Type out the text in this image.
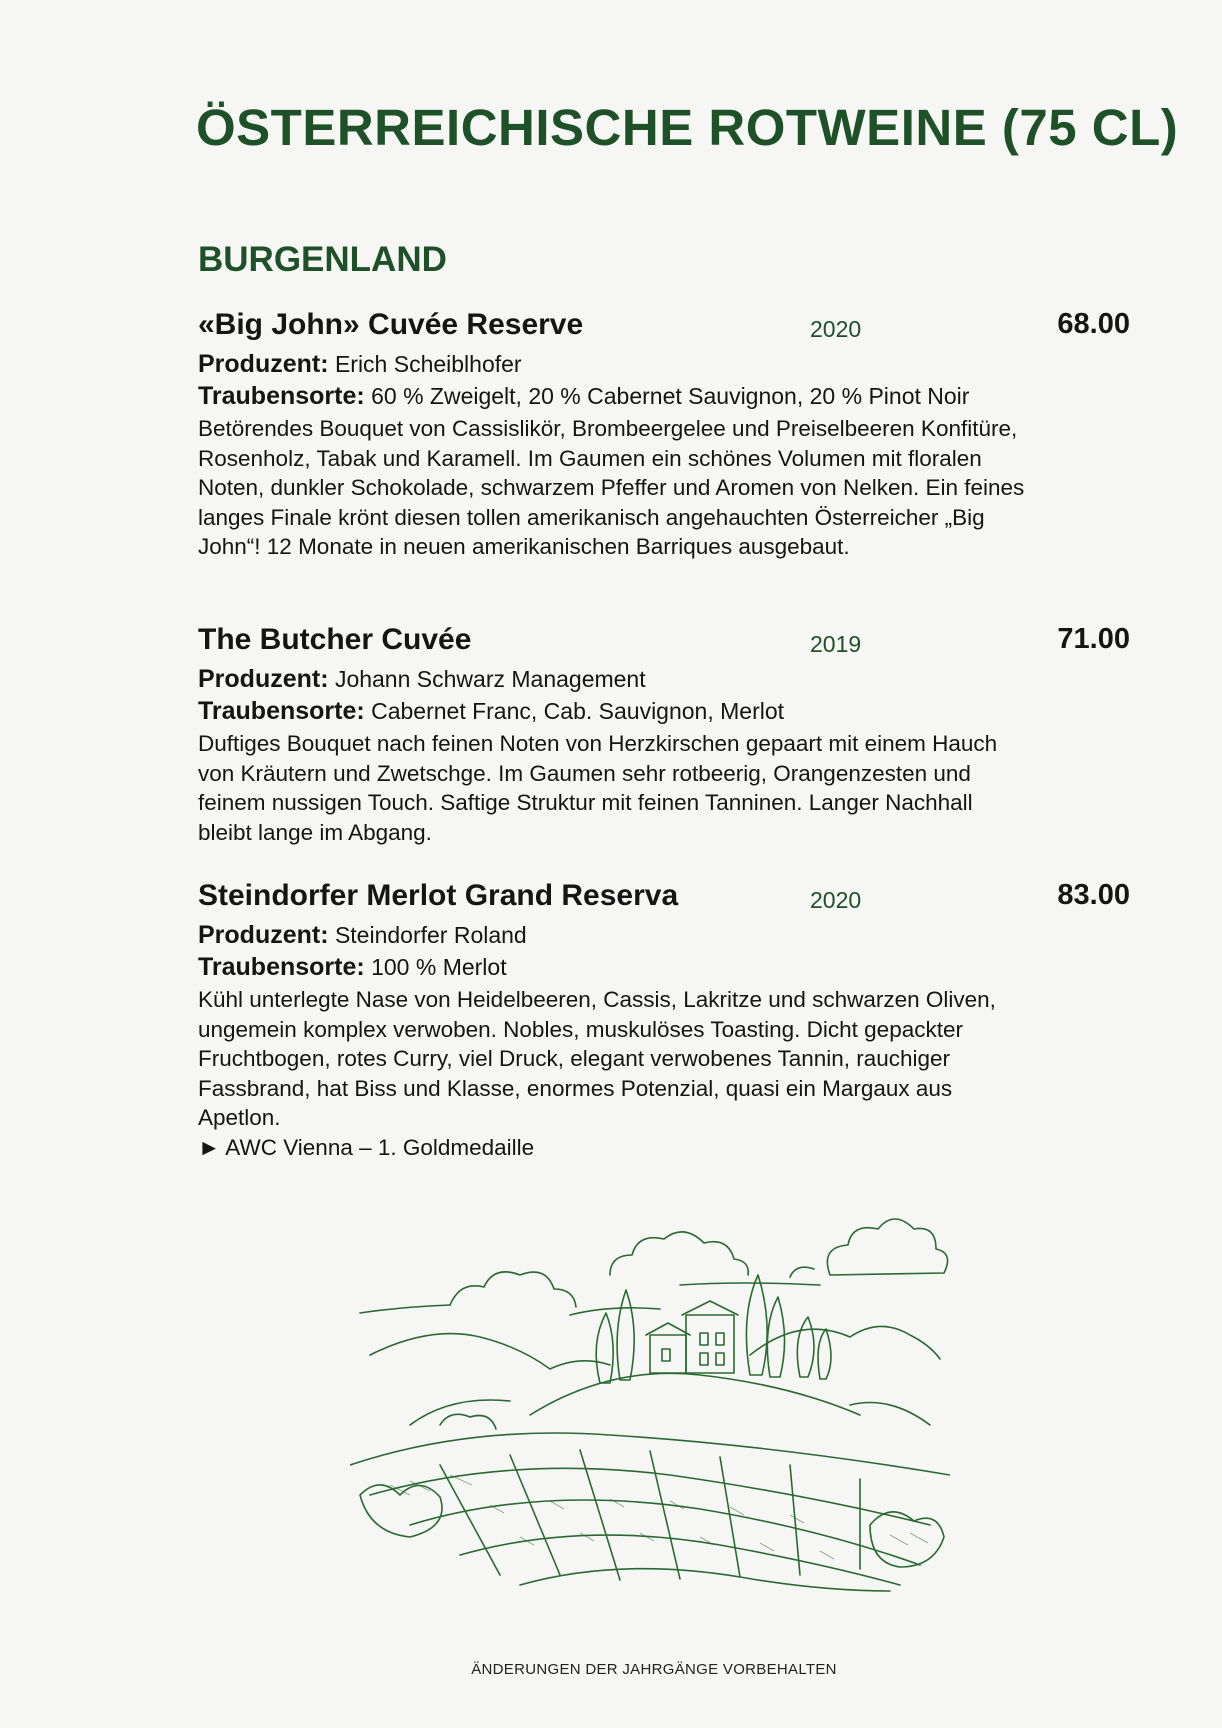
ÖSTERREICHISCHE ROTWEINE (75 CL)
BURGENLAND
«Big John» Cuvée Reserve	2020	68.00
Produzent: Erich Scheiblhofer
Traubensorte: 60 % Zweigelt, 20 % Cabernet Sauvignon, 20 % Pinot Noir

Betörendes Bouquet von Cassislikör, Brombeergelee und Preiselbeeren Konfitüre, Rosenholz, Tabak und Karamell. Im Gaumen ein schönes Volumen mit floralen Noten, dunkler Schokolade, schwarzem Pfeffer und Aromen von Nelken. Ein feines langes Finale krönt diesen tollen amerikanisch angehauchten Österreicher „Big John“! 12 Monate in neuen amerikanischen Barriques ausgebaut.

The Butcher Cuvée	2019	71.00
Produzent: Johann Schwarz Management
Traubensorte: Cabernet Franc, Cab. Sauvignon, Merlot

Duftiges Bouquet nach feinen Noten von Herzkirschen gepaart mit einem Hauch von Kräutern und Zwetschge. Im Gaumen sehr rotbeerig, Orangenzesten und feinem nussigen Touch. Saftige Struktur mit feinen Tanninen. Langer Nachhall bleibt lange im Abgang.

Steindorfer Merlot Grand Reserva	2020	83.00
Produzent: Steindorfer Roland
Traubensorte: 100 % Merlot

Kühl unterlegte Nase von Heidelbeeren, Cassis, Lakritze und schwarzen Oliven, ungemein komplex verwoben. Nobles, muskulöses Toasting. Dicht gepackter Fruchtbogen, rotes Curry, viel Druck, elegant verwobenes Tannin, rauchiger Fassbrand, hat Biss und Klasse, enormes Potenzial, quasi ein Margaux aus Apetlon.

► AWC Vienna – 1. Goldmedaille
ÄNDERUNGEN DER JAHRGÄNGE VORBEHALTEN
